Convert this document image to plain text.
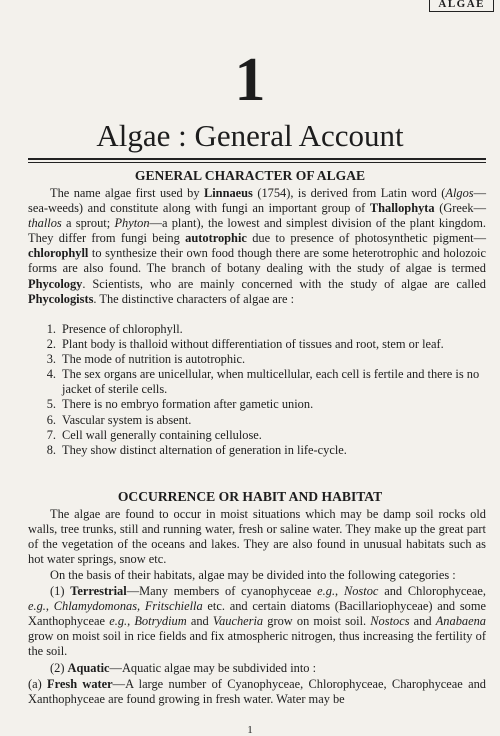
ALGAE

1
Algae : General Account
GENERAL CHARACTER OF ALGAE

The name algae first used by Linnaeus (1754), is derived from Latin word (Algos—sea-weeds) and constitute along with fungi an important group of Thallophyta (Greek—thallos a sprout; Phyton—a plant), the lowest and simplest division of the plant kingdom. They differ from fungi being autotrophic due to presence of photosynthetic pigment—chlorophyll to synthesize their own food though there are some heterotrophic and holozoic forms are also found. The branch of botany dealing with the study of algae is termed Phycology. Scientists, who are mainly concerned with the study of algae are called Phycologists. The distinctive characters of algae are :

1. Presence of chlorophyll.
2. Plant body is thalloid without differentiation of tissues and root, stem or leaf.
3. The mode of nutrition is autotrophic.
4. The sex organs are unicellular, when multicellular, each cell is fertile and there is no jacket of sterile cells.
5. There is no embryo formation after gametic union.
6. Vascular system is absent.
7. Cell wall generally containing cellulose.
8. They show distinct alternation of generation in life-cycle.
OCCURRENCE OR HABIT AND HABITAT

The algae are found to occur in moist situations which may be damp soil rocks old walls, tree trunks, still and running water, fresh or saline water. They make up the great part of the vegetation of the oceans and lakes. They are also found in unusual habitats such as hot water springs, snow etc.

On the basis of their habitats, algae may be divided into the following categories :

(1) Terrestrial—Many members of cyanophyceae e.g., Nostoc and Chlorophyceae, e.g., Chlamydomonas, Fritschiella etc. and certain diatoms (Bacillariophyceae) and some Xanthophyceae e.g., Botrydium and Vaucheria grow on moist soil. Nostocs and Anabaena grow on moist soil in rice fields and fix atmospheric nitrogen, thus increasing the fertility of the soil.

(2) Aquatic—Aquatic algae may be subdivided into :

(a) Fresh water—A large number of Cyanophyceae, Chlorophyceae, Charophyceae and Xanthophyceae are found growing in fresh water. Water may be

1
